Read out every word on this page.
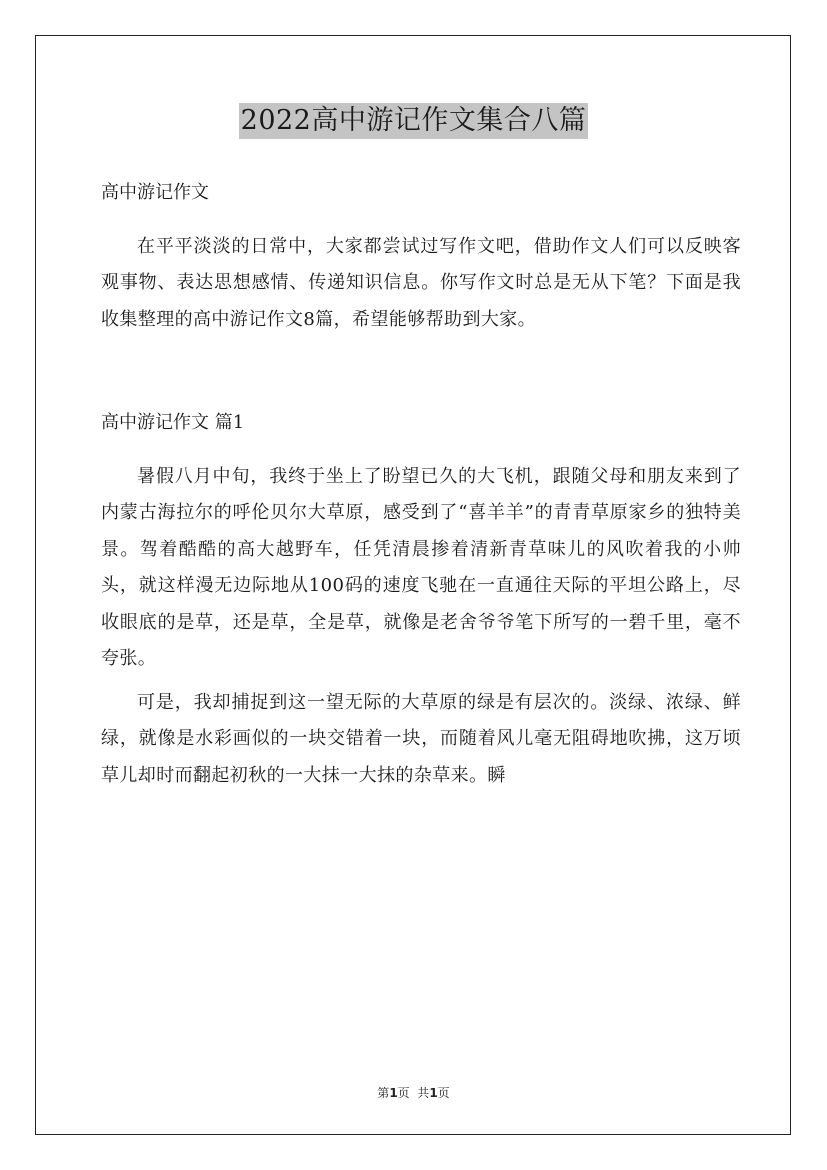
2022高中游记作文集合八篇

高中游记作文

在平平淡淡的日常中，大家都尝试过写作文吧，借助作文人们可以反映客观事物、表达思想感情、传递知识信息。你写作文时总是无从下笔？下面是我收集整理的高中游记作文8篇，希望能够帮助到大家。

高中游记作文 篇1

暑假八月中旬，我终于坐上了盼望已久的大飞机，跟随父母和朋友来到了内蒙古海拉尔的呼伦贝尔大草原，感受到了“喜羊羊”的青青草原家乡的独特美景。驾着酷酷的高大越野车，任凭清晨掺着清新青草味儿的风吹着我的小帅头，就这样漫无边际地从100码的速度飞驰在一直通往天际的平坦公路上，尽收眼底的是草，还是草，全是草，就像是老舍爷爷笔下所写的一碧千里，毫不夸张。

可是，我却捕捉到这一望无际的大草原的绿是有层次的。淡绿、浓绿、鲜绿，就像是水彩画似的一块交错着一块，而随着风儿毫无阻碍地吹拂，这万顷草儿却时而翻起初秋的一大抹一大抹的杂草来。瞬

第1页  共1页
